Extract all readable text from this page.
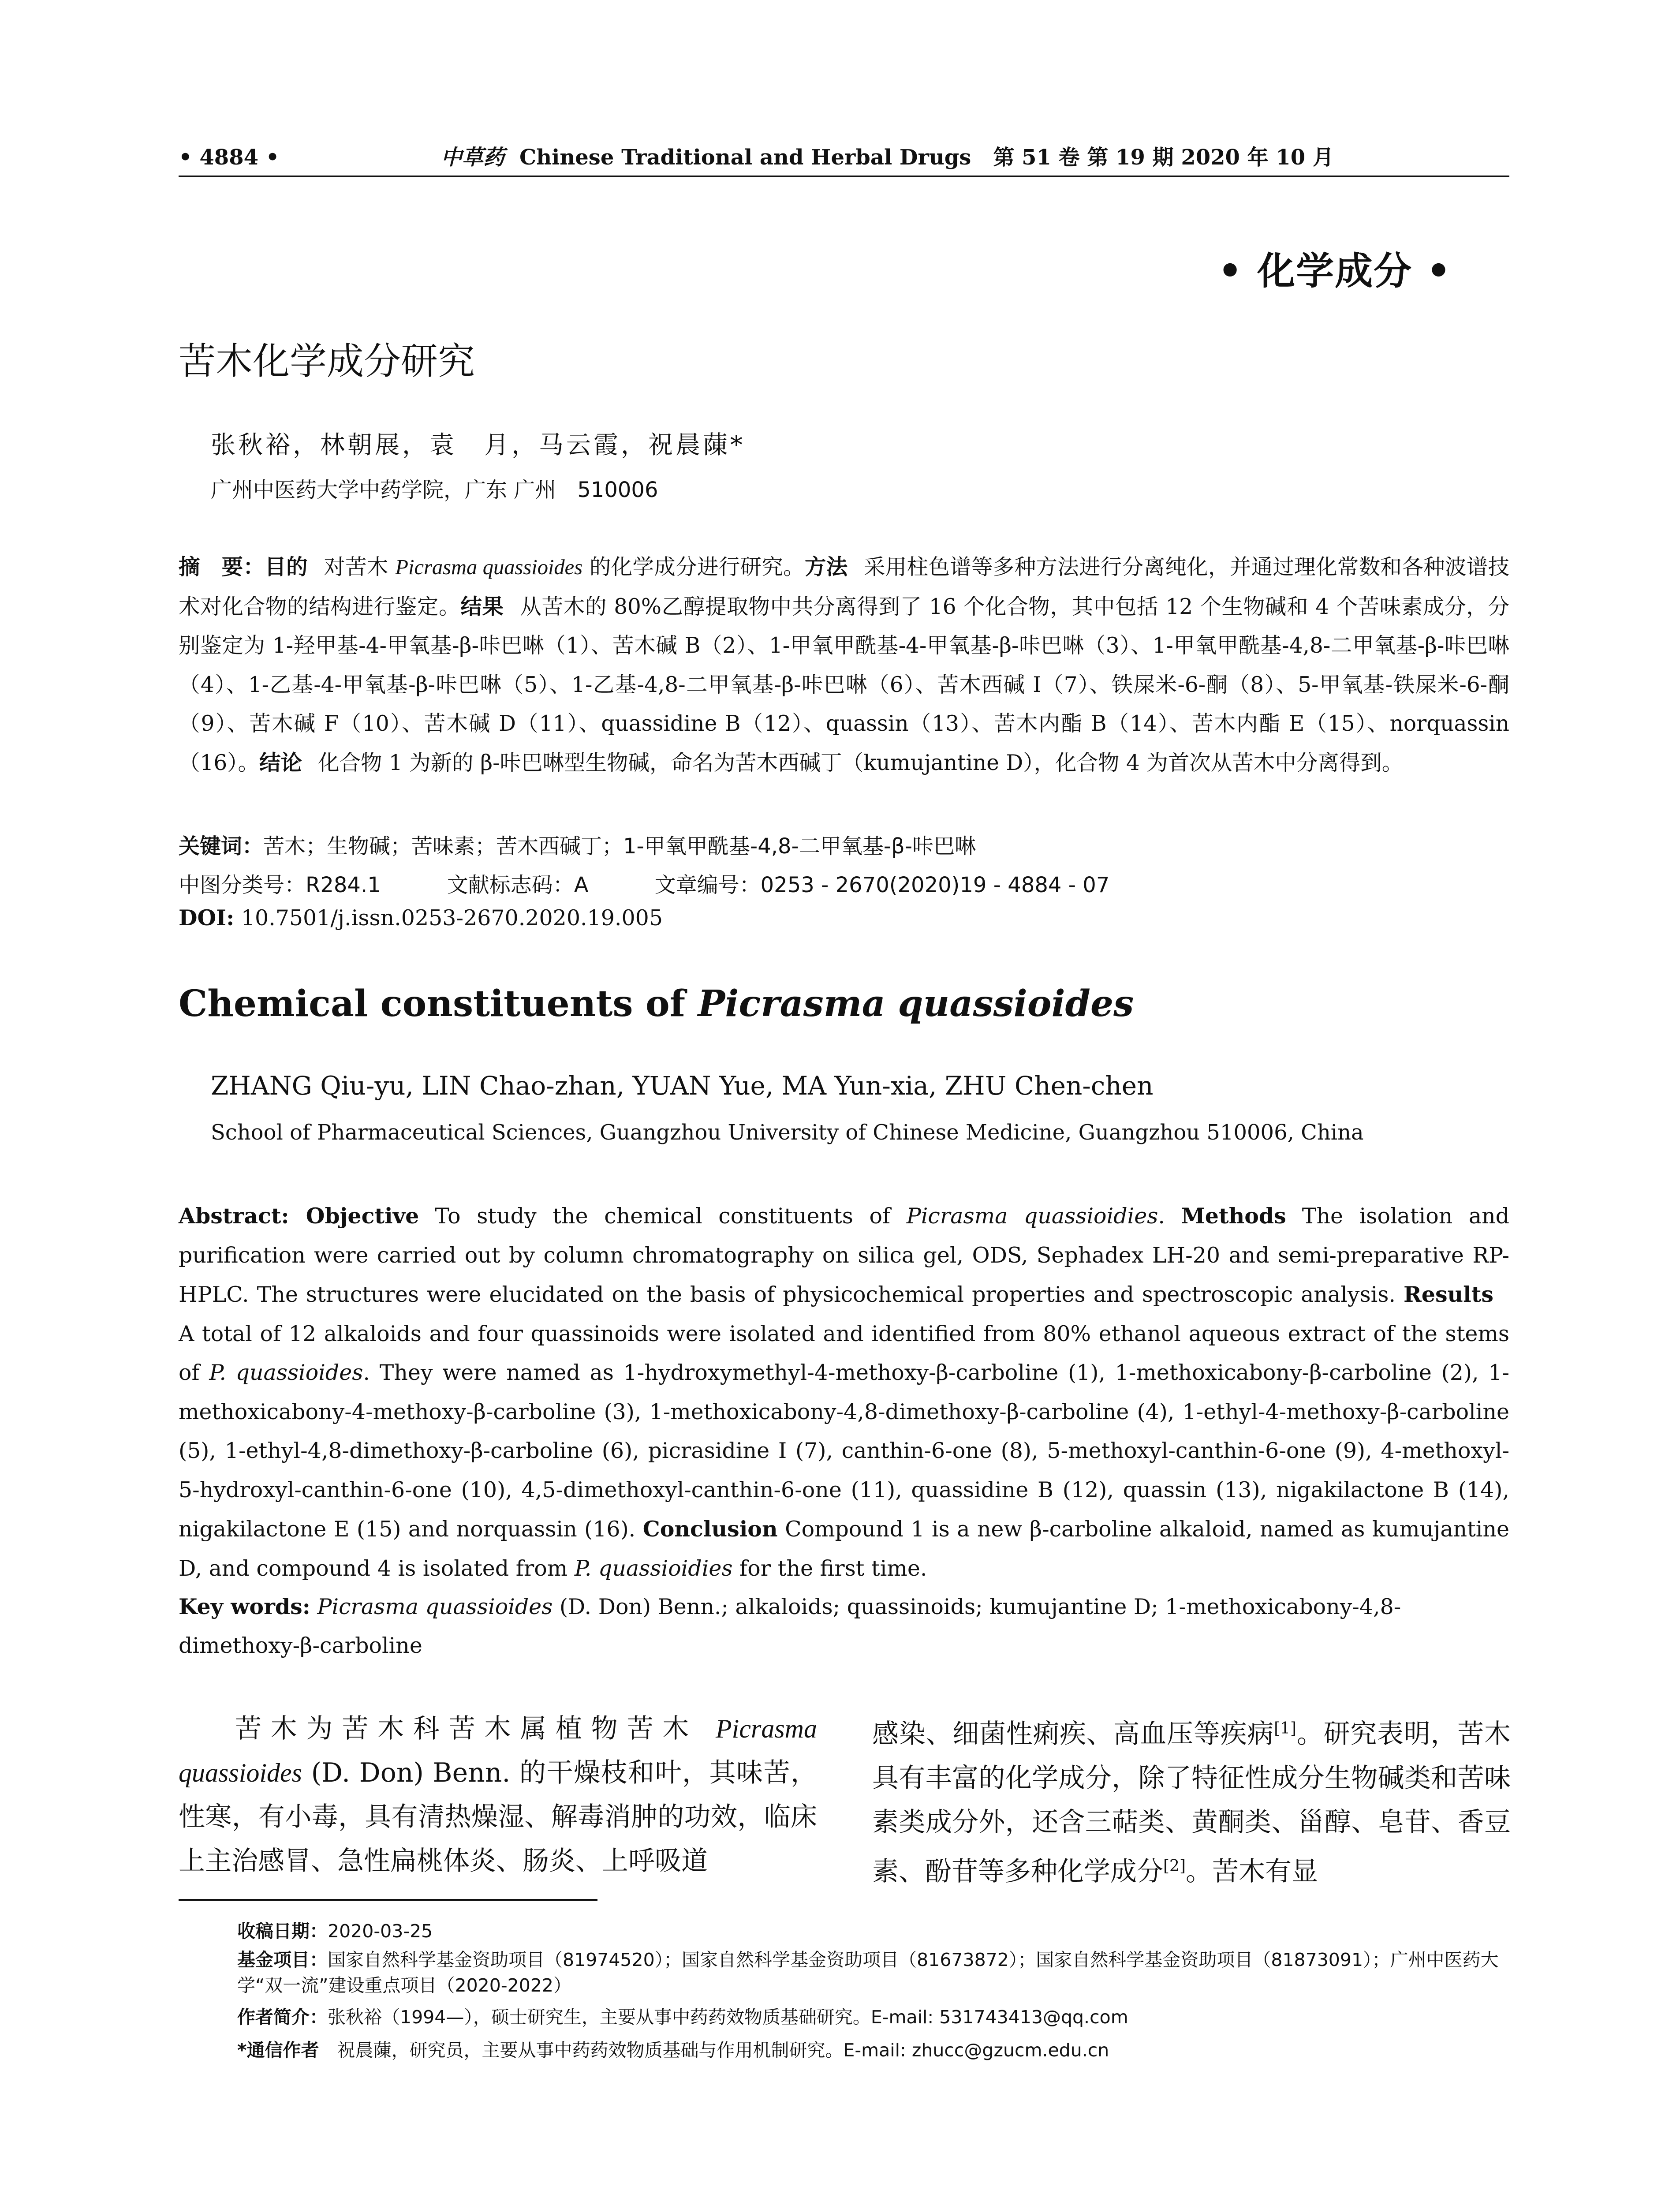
• 4884 •	中草药 Chinese Traditional and Herbal Drugs 第 51 卷 第 19 期 2020 年 10 月
• 化学成分 •
苦木化学成分研究
张秋裕，林朝展，袁　月，马云霞，祝晨蔯*
广州中医药大学中药学院，广东 广州　510006
摘　要：目的 对苦木 Picrasma quassioides 的化学成分进行研究。方法 采用柱色谱等多种方法进行分离纯化，并通过理化常数和各种波谱技术对化合物的结构进行鉴定。结果 从苦木的 80%乙醇提取物中共分离得到了 16 个化合物，其中包括 12 个生物碱和 4 个苦味素成分，分别鉴定为 1-羟甲基-4-甲氧基-β-咔巴啉（1）、苦木碱 B（2）、1-甲氧甲酰基-4-甲氧基-β-咔巴啉（3）、1-甲氧甲酰基-4,8-二甲氧基-β-咔巴啉（4）、1-乙基-4-甲氧基-β-咔巴啉（5）、1-乙基-4,8-二甲氧基-β-咔巴啉（6）、苦木西碱 I（7）、铁屎米-6-酮（8）、5-甲氧基-铁屎米-6-酮（9）、苦木碱 F（10）、苦木碱 D（11）、quassidine B（12）、quassin（13）、苦木内酯 B（14）、苦木内酯 E（15）、norquassin（16）。结论 化合物 1 为新的 β-咔巴啉型生物碱，命名为苦木西碱丁（kumujantine D），化合物 4 为首次从苦木中分离得到。
关键词：苦木；生物碱；苦味素；苦木西碱丁；1-甲氧甲酰基-4,8-二甲氧基-β-咔巴啉
中图分类号：R284.1	文献标志码：A	文章编号：0253 - 2670(2020)19 - 4884 - 07
DOI: 10.7501/j.issn.0253-2670.2020.19.005
Chemical constituents of Picrasma quassioides
ZHANG Qiu-yu, LIN Chao-zhan, YUAN Yue, MA Yun-xia, ZHU Chen-chen
School of Pharmaceutical Sciences, Guangzhou University of Chinese Medicine, Guangzhou 510006, China
Abstract: Objective To study the chemical constituents of Picrasma quassioidies. Methods The isolation and purification were carried out by column chromatography on silica gel, ODS, Sephadex LH-20 and semi-preparative RP-HPLC. The structures were elucidated on the basis of physicochemical properties and spectroscopic analysis. ResultsA total of 12 alkaloids and four quassinoids were isolated and identified from 80% ethanol aqueous extract of the stems of P. quassioides. They were named as 1-hydroxymethyl-4-methoxy-β-carboline (1), 1-methoxicabony-β-carboline (2), 1-methoxicabony-4-methoxy-β-carboline (3), 1-methoxicabony-4,8-dimethoxy-β-carboline (4), 1-ethyl-4-methoxy-β-carboline (5), 1-ethyl-4,8-dimethoxy-β-carboline (6), picrasidine I (7), canthin-6-one (8), 5-methoxyl-canthin-6-one (9), 4-methoxyl-5-hydroxyl-canthin-6-one (10), 4,5-dimethoxyl-canthin-6-one (11), quassidine B (12), quassin (13), nigakilactone B (14), nigakilactone E (15) and norquassin (16). Conclusion Compound 1 is a new β-carboline alkaloid, named as kumujantine D, and compound 4 is isolated from P. quassioidies for the first time.
Key words: Picrasma quassioides (D. Don) Benn.; alkaloids; quassinoids; kumujantine D; 1-methoxicabony-4,8-dimethoxy-β-carboline
苦木为苦木科苦木属植物苦木 Picrasma quassioides (D. Don) Benn. 的干燥枝和叶，其味苦，性寒，有小毒，具有清热燥湿、解毒消肿的功效，临床上主治感冒、急性扁桃体炎、肠炎、上呼吸道
感染、细菌性痢疾、高血压等疾病[1]。研究表明，苦木具有丰富的化学成分，除了特征性成分生物碱类和苦味素类成分外，还含三萜类、黄酮类、甾醇、皂苷、香豆素、酚苷等多种化学成分[2]。苦木有显
收稿日期：2020-03-25
基金项目：国家自然科学基金资助项目（81974520）；国家自然科学基金资助项目（81673872）；国家自然科学基金资助项目（81873091）；广州中医药大学“双一流”建设重点项目（2020-2022）
作者简介：张秋裕（1994—），硕士研究生，主要从事中药药效物质基础研究。E-mail: 531743413@qq.com
*通信作者　祝晨蔯，研究员，主要从事中药药效物质基础与作用机制研究。E-mail: zhucc@gzucm.edu.cn
